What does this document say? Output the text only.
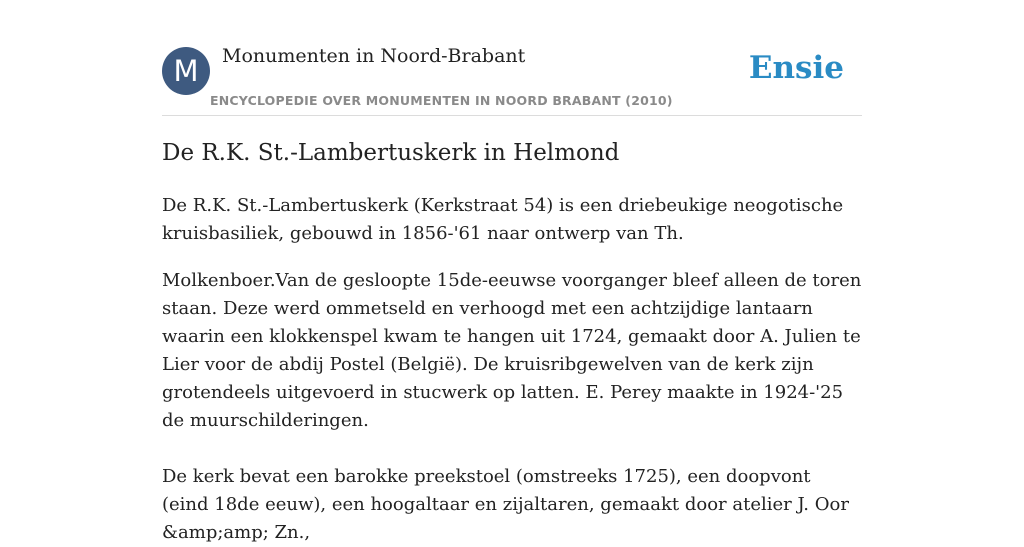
M	Monumenten in Noord-Brabant
ENCYCLOPEDIE OVER MONUMENTEN IN NOORD BRABANT (2010)
Ensie
De R.K. St.-Lambertuskerk in Helmond

De R.K. St.-Lambertuskerk (Kerkstraat 54) is een driebeukige neogotische kruisbasiliek, gebouwd in 1856-'61 naar ontwerp van Th.

Molkenboer.Van de gesloopte 15de-eeuwse voorganger bleef alleen de toren staan. Deze werd ommetseld en verhoogd met een achtzijdige lantaarn waarin een klokkenspel kwam te hangen uit 1724, gemaakt door A. Julien te Lier voor de abdij Postel (België). De kruisribgewelven van de kerk zijn grotendeels uitgevoerd in stucwerk op latten. E. Perey maakte in 1924-'25 de muurschilderingen.

De kerk bevat een barokke preekstoel (omstreeks 1725), een doopvont (eind 18de eeuw), een hoogaltaar en zijaltaren, gemaakt door atelier J. Oor &amp;amp; Zn.,
